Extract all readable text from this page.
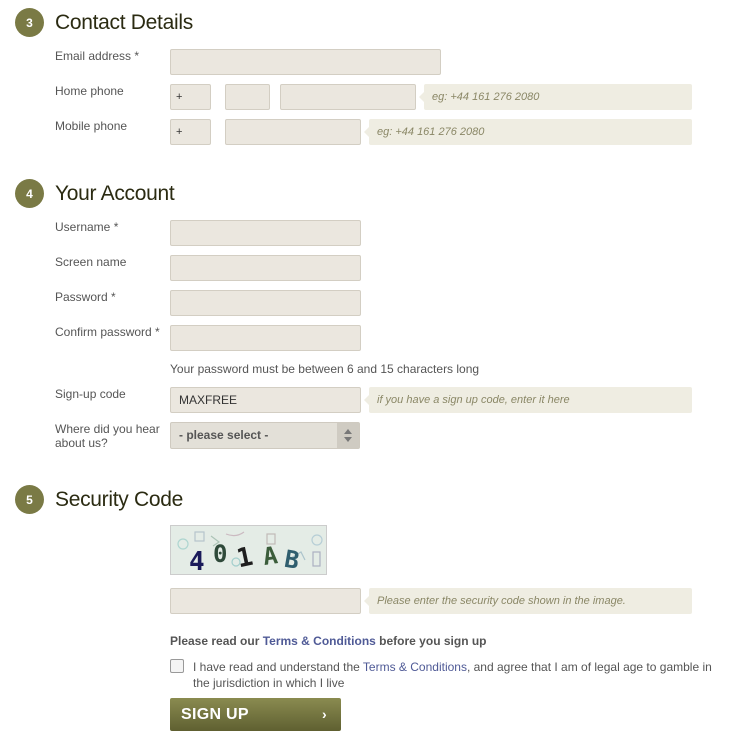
3	Contact Details
Email address *
Home phone	+	eg: +44 161 276 2080
Mobile phone	+	eg: +44 161 276 2080
4	Your Account
Username *
Screen name
Password *
Confirm password *
Your password must be between 6 and 15 characters long
Sign-up code	MAXFREE	if you have a sign up code, enter it here
Where did you hear
about us?
- please select -
5	Security Code
4 0 1 A B
Please enter the security code shown in the image.
Please read our Terms & Conditions before you sign up
I have read and understand the Terms & Conditions, and agree that I am of legal age to gamble in the jurisdiction in which I live
SIGN UP	›
